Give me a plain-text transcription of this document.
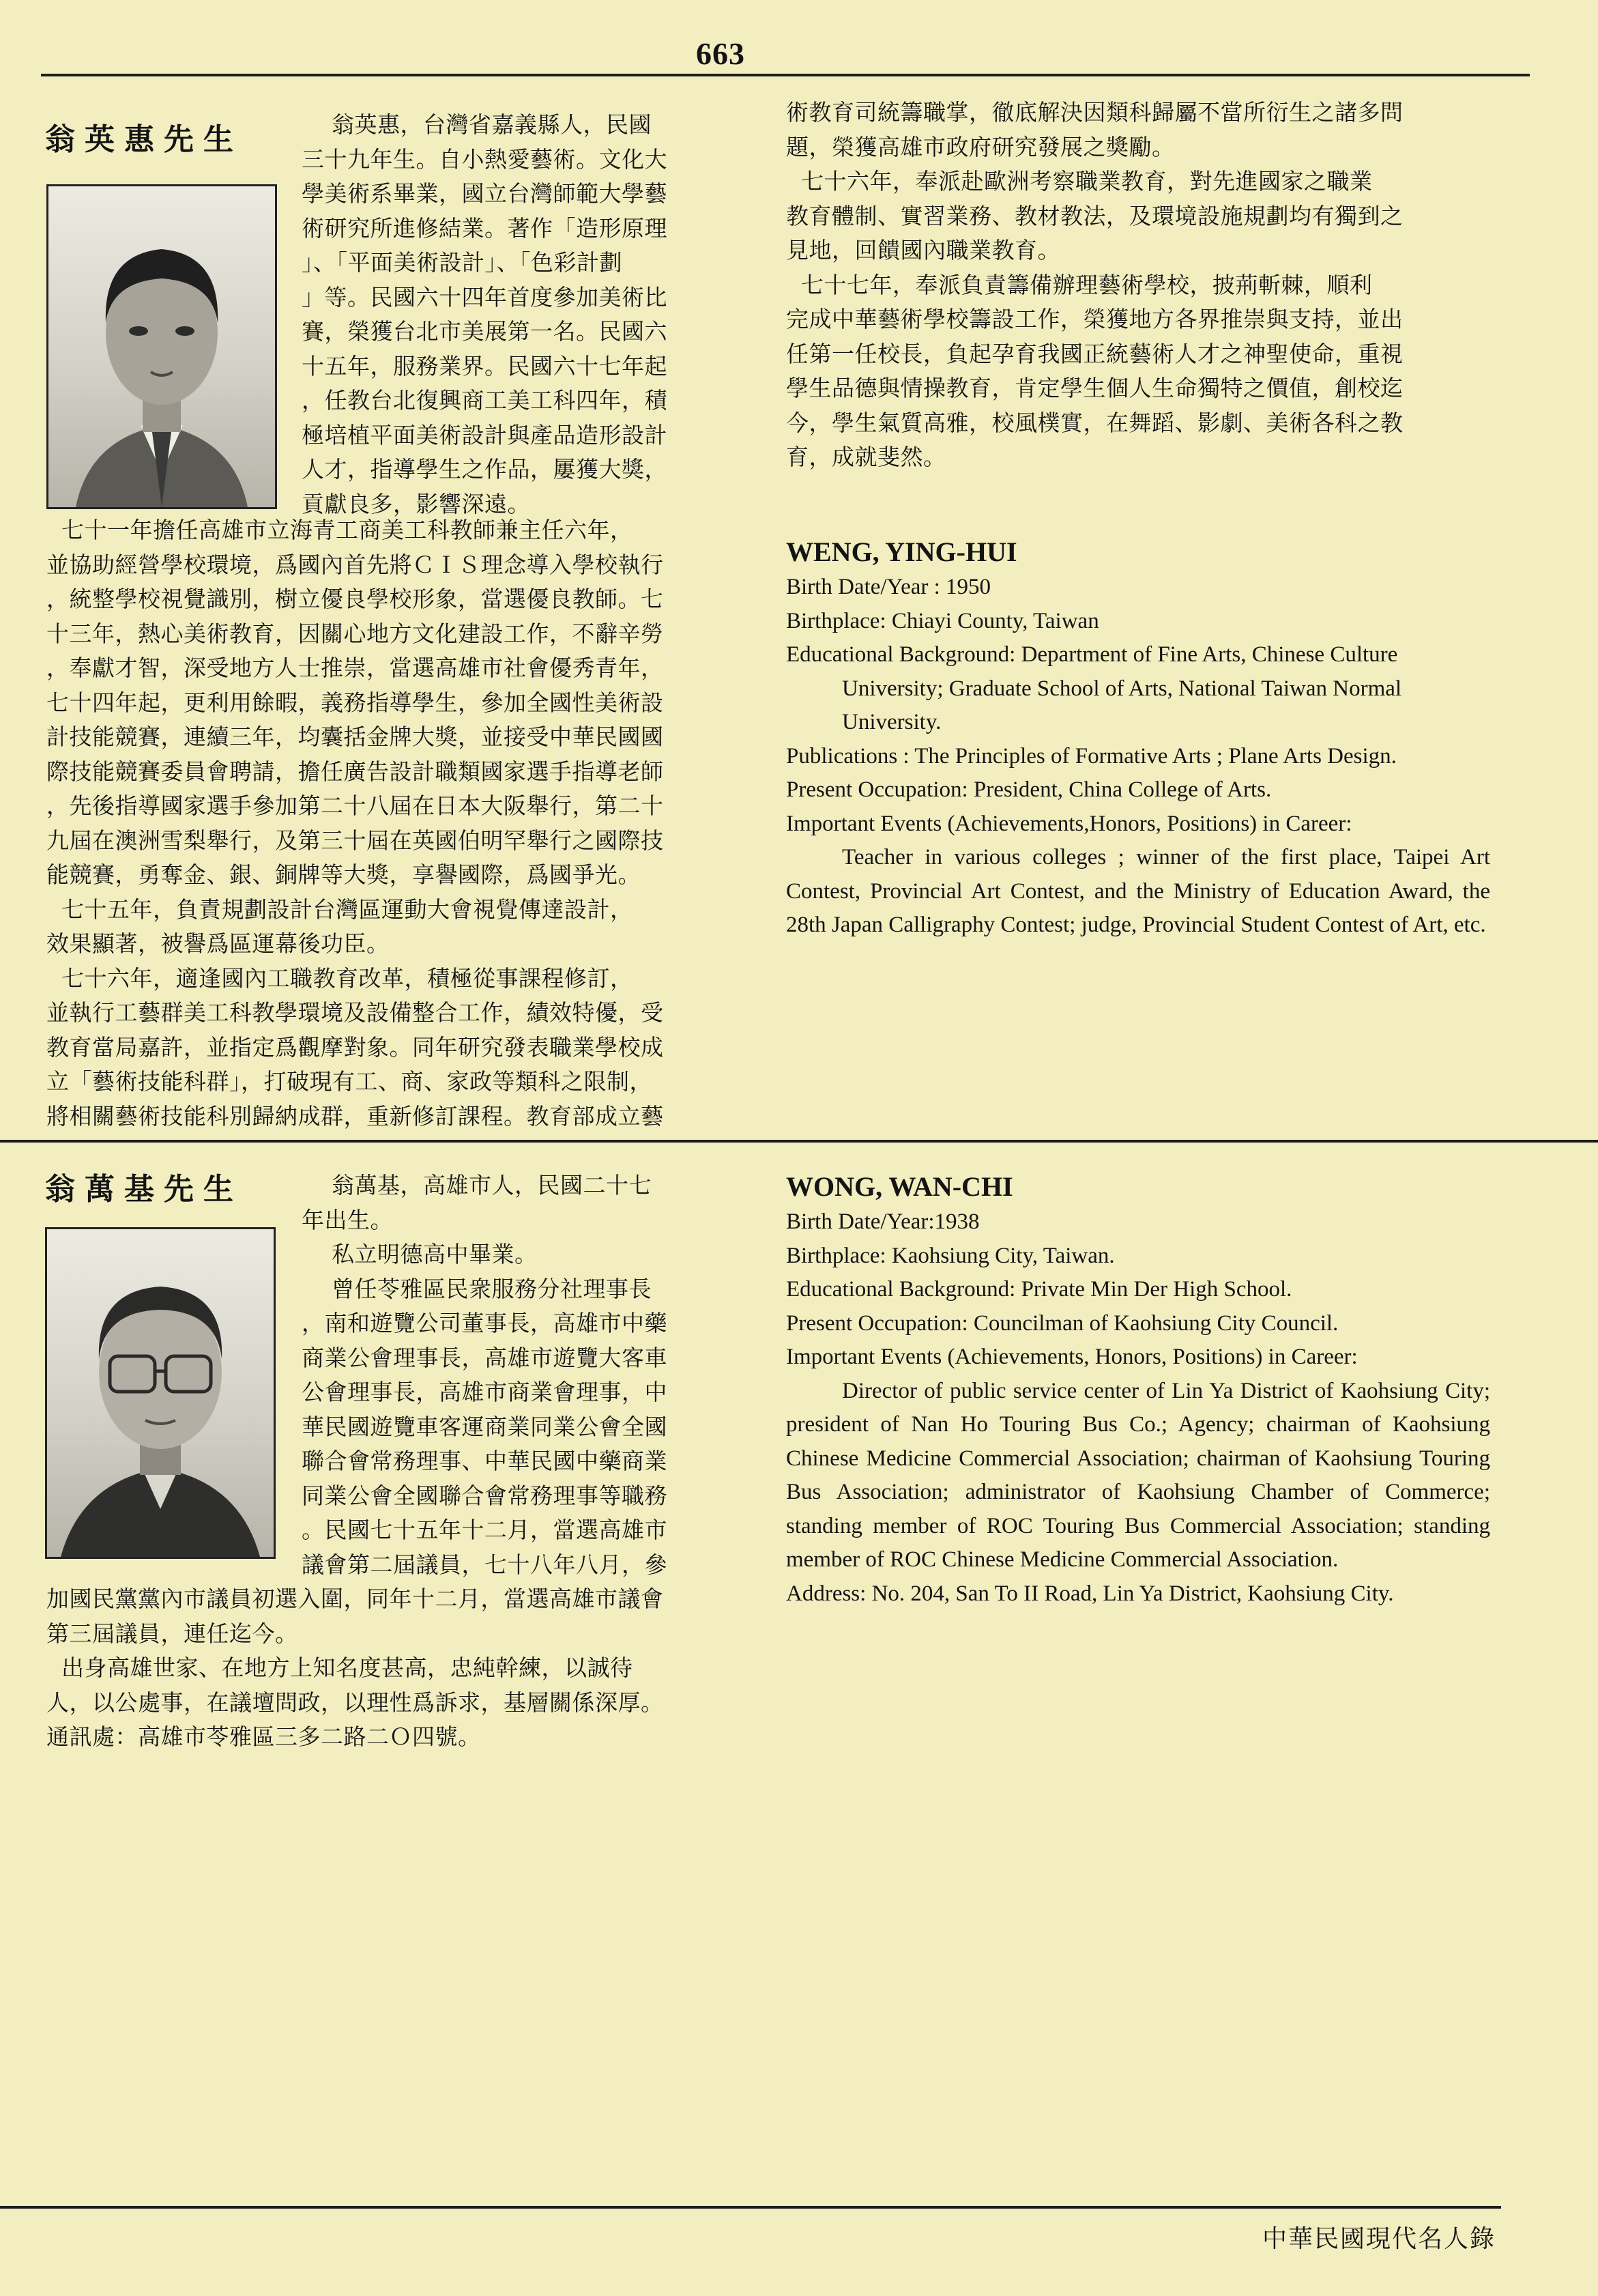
663
翁英惠先生	翁英惠，台灣省嘉義縣人，民國

三十九年生。自小熱愛藝術。文化大

學美術系畢業，國立台灣師範大學藝

術研究所進修結業。著作「造形原理

」、「平面美術設計」、「色彩計劃

」等。民國六十四年首度參加美術比

賽，榮獲台北市美展第一名。民國六

十五年，服務業界。民國六十七年起

，任教台北復興商工美工科四年，積

極培植平面美術設計與產品造形設計

人才，指導學生之作品，屢獲大獎，

貢獻良多，影響深遠。

七十一年擔任高雄市立海青工商美工科教師兼主任六年，

並協助經營學校環境，爲國內首先將ＣＩＳ理念導入學校執行

，統整學校視覺識別，樹立優良學校形象，當選優良教師。七

十三年，熱心美術教育，因關心地方文化建設工作，不辭辛勞

，奉獻才智，深受地方人士推崇，當選高雄市社會優秀青年，

七十四年起，更利用餘暇，義務指導學生，參加全國性美術設

計技能競賽，連續三年，均囊括金牌大獎，並接受中華民國國

際技能競賽委員會聘請，擔任廣告設計職類國家選手指導老師

，先後指導國家選手參加第二十八屆在日本大阪舉行，第二十

九屆在澳洲雪梨舉行，及第三十屆在英國伯明罕舉行之國際技

能競賽，勇奪金、銀、銅牌等大獎，享譽國際，爲國爭光。

七十五年，負責規劃設計台灣區運動大會視覺傳達設計，

效果顯著，被譽爲區運幕後功臣。

七十六年，適逢國內工職教育改革，積極從事課程修訂，

並執行工藝群美工科教學環境及設備整合工作，績效特優，受

教育當局嘉許，並指定爲觀摩對象。同年研究發表職業學校成

立「藝術技能科群」，打破現有工、商、家政等類科之限制，

將相關藝術技能科別歸納成群，重新修訂課程。教育部成立藝

術教育司統籌職掌，徹底解決因類科歸屬不當所衍生之諸多問

題，榮獲高雄市政府研究發展之獎勵。

七十六年，奉派赴歐洲考察職業教育，對先進國家之職業

教育體制、實習業務、教材教法，及環境設施規劃均有獨到之

見地，回饋國內職業教育。

七十七年，奉派負責籌備辦理藝術學校，披荊斬棘，順利

完成中華藝術學校籌設工作，榮獲地方各界推崇與支持，並出

任第一任校長，負起孕育我國正統藝術人才之神聖使命，重視

學生品德與情操教育，肯定學生個人生命獨特之價值，創校迄

今，學生氣質高雅，校風樸實，在舞蹈、影劇、美術各科之教

育，成就斐然。

WENG, YING-HUI

Birth Date/Year : 1950

Birthplace: Chiayi County, Taiwan

Educational Background: Department of Fine Arts, Chinese Culture University; Graduate School of Arts, National Taiwan Normal University.

Publications : The Principles of Formative Arts ; Plane Arts Design.

Present Occupation: President, China College of Arts.

Important Events (Achievements,Honors, Positions) in Career:

Teacher in various colleges ; winner of the first place, Taipei Art Contest, Provincial Art Contest, and the Ministry of Education Award, the 28th Japan Calligraphy Contest; judge, Provincial Student Contest of Art, etc.

翁萬基先生	翁萬基，高雄市人，民國二十七

年出生。

私立明德高中畢業。

曾任苓雅區民衆服務分社理事長

，南和遊覽公司董事長，高雄市中藥

商業公會理事長，高雄市遊覽大客車

公會理事長，高雄市商業會理事，中

華民國遊覽車客運商業同業公會全國

聯合會常務理事、中華民國中藥商業

同業公會全國聯合會常務理事等職務

。民國七十五年十二月，當選高雄市

議會第二屆議員，七十八年八月，參

加國民黨黨內市議員初選入圍，同年十二月，當選高雄市議會

第三屆議員，連任迄今。

出身高雄世家、在地方上知名度甚高，忠純幹練，以誠待

人，以公處事，在議壇問政，以理性爲訴求，基層關係深厚。

通訊處：高雄市苓雅區三多二路二Ｏ四號。

WONG, WAN-CHI

Birth Date/Year:1938

Birthplace: Kaohsiung City, Taiwan.

Educational Background: Private Min Der High School.

Present Occupation: Councilman of Kaohsiung City Council.

Important Events (Achievements, Honors, Positions) in Career:

Director of public service center of Lin Ya District of Kaohsiung City; president of Nan Ho Touring Bus Co.; Agency; chairman of Kaohsiung Chinese Medicine Commercial Association; chairman of Kaohsiung Touring Bus Association; administrator of Kaohsiung Chamber of Commerce; standing member of ROC Touring Bus Commercial Association; standing member of ROC Chinese Medicine Commercial Association.

Address: No. 204, San To II Road, Lin Ya District, Kaohsiung City.

中華民國現代名人錄
